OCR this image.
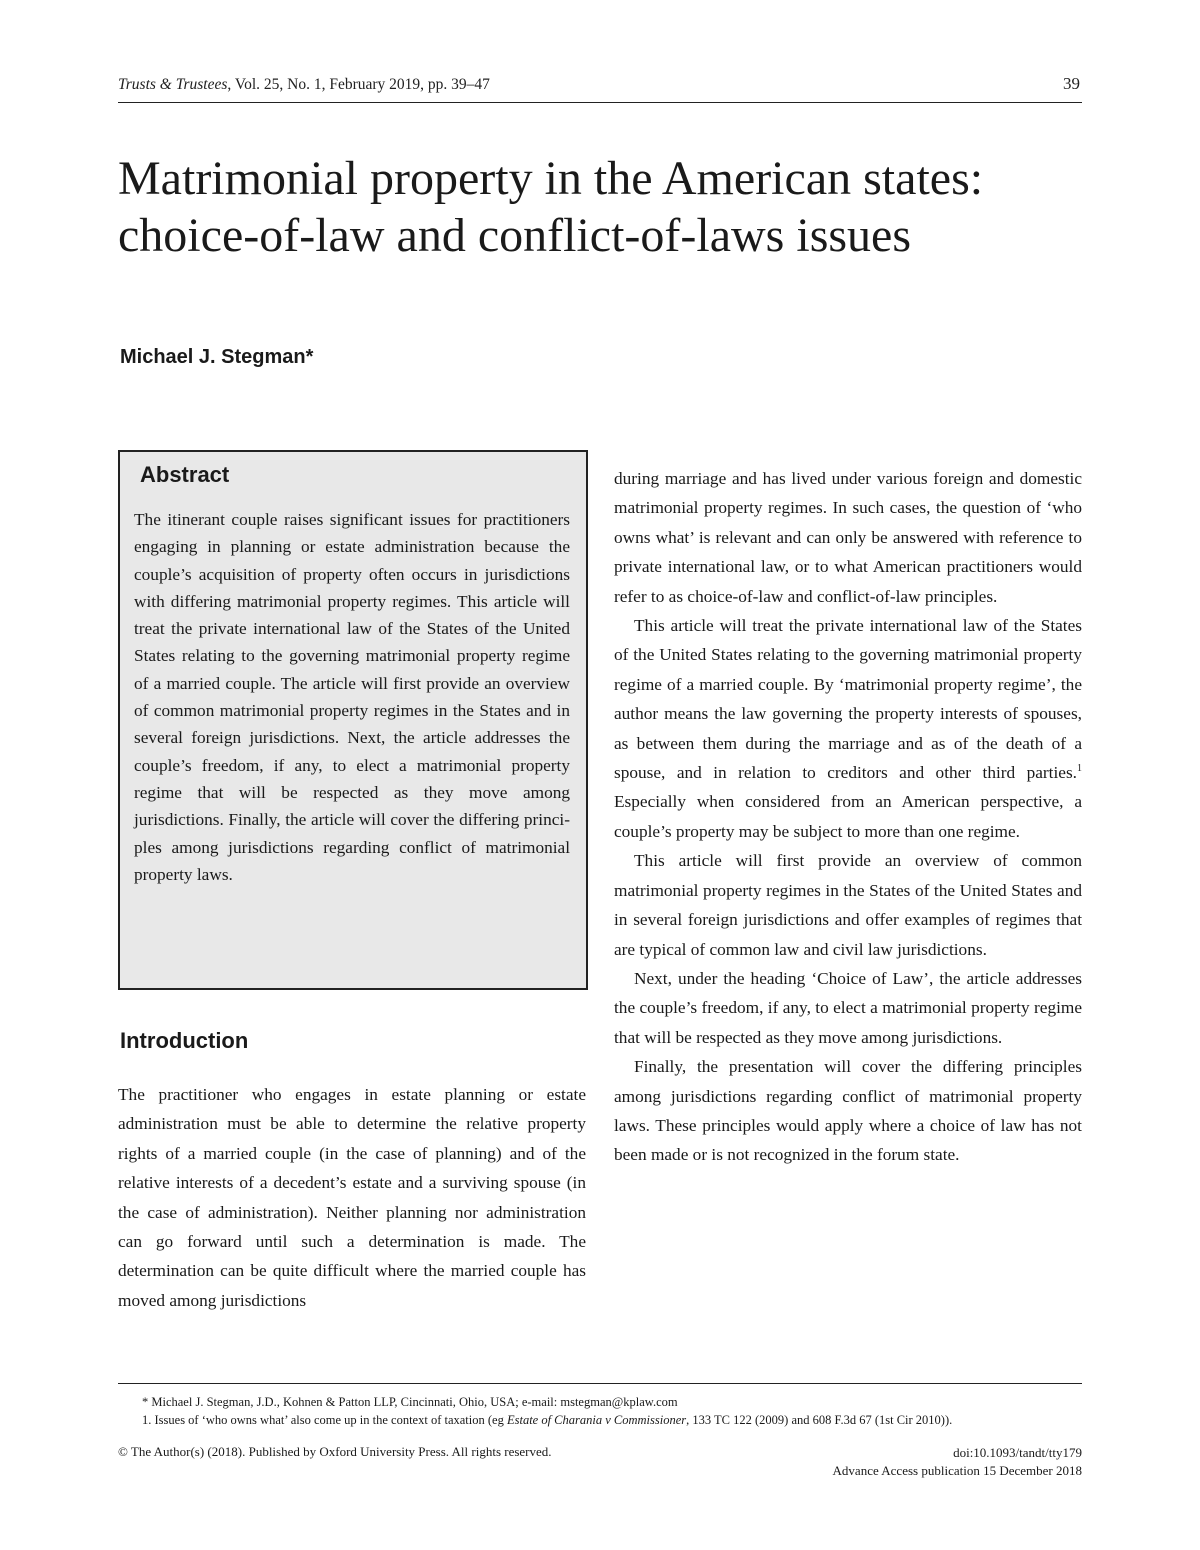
Trusts & Trustees, Vol. 25, No. 1, February 2019, pp. 39–47	39
Matrimonial property in the American states: choice-of-law and conflict-of-laws issues
Michael J. Stegman*
Abstract

The itinerant couple raises significant issues for practitioners engaging in planning or estate administration because the couple’s acquisition of property often occurs in jurisdictions with differing matrimonial property regimes. This article will treat the private international law of the States of the United States relating to the governing matrimonial property regime of a married couple. The article will first provide an overview of common matrimonial property regimes in the States and in several foreign jurisdictions. Next, the article addresses the couple’s freedom, if any, to elect a matrimonial property regime that will be respected as they move among jurisdictions. Finally, the article will cover the differing principles among jurisdictions regarding conflict of matrimonial property laws.

Introduction

The practitioner who engages in estate planning or estate administration must be able to determine the relative property rights of a married couple (in the case of planning) and of the relative interests of a decedent’s estate and a surviving spouse (in the case of administration). Neither planning nor administration can go forward until such a determination is made. The determination can be quite difficult where the married couple has moved among jurisdictions

during marriage and has lived under various foreign and domestic matrimonial property regimes. In such cases, the question of ‘who owns what’ is relevant and can only be answered with reference to private international law, or to what American practitioners would refer to as choice-of-law and conflict-of-law principles.

This article will treat the private international law of the States of the United States relating to the governing matrimonial property regime of a married couple. By ‘matrimonial property regime’, the author means the law governing the property interests of spouses, as between them during the marriage and as of the death of a spouse, and in relation to creditors and other third parties.$^1$ Especially when considered from an American perspective, a couple’s property may be subject to more than one regime.

This article will first provide an overview of common matrimonial property regimes in the States of the United States and in several foreign jurisdictions and offer examples of regimes that are typical of common law and civil law jurisdictions.

Next, under the heading ‘Choice of Law’, the article addresses the couple’s freedom, if any, to elect a matrimonial property regime that will be respected as they move among jurisdictions.

Finally, the presentation will cover the differing principles among jurisdictions regarding conflict of matrimonial property laws. These principles would apply where a choice of law has not been made or is not recognized in the forum state.

* Michael J. Stegman, J.D., Kohnen & Patton LLP, Cincinnati, Ohio, USA; e-mail: mstegman@kplaw.com

1. Issues of ‘who owns what’ also come up in the context of taxation (eg Estate of Charania v Commissioner, 133 TC 122 (2009) and 608 F.3d 67 (1st Cir 2010)).

© The Author(s) (2018). Published by Oxford University Press. All rights reserved.	doi:10.1093/tandt/tty179
Advance Access publication 15 December 2018
